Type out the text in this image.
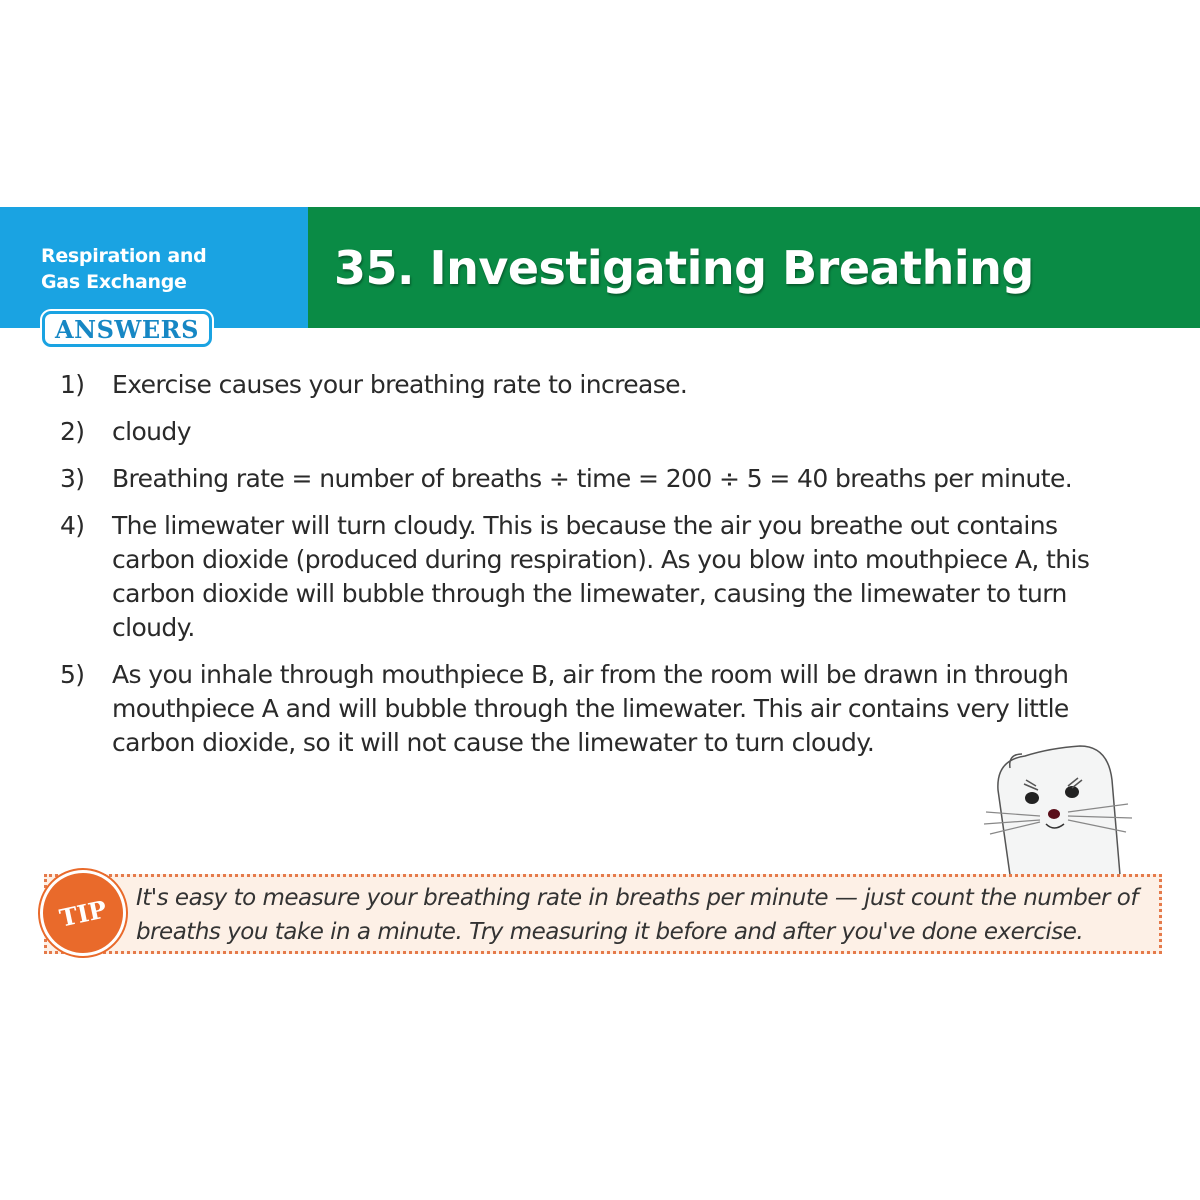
Respiration and
Gas Exchange
ANSWERS
35. Investigating Breathing
1)	Exercise causes your breathing rate to increase.
2)	cloudy
3)	Breathing rate = number of breaths ÷ time = 200 ÷ 5 = 40 breaths per minute.
4)	The limewater will turn cloudy. This is because the air you breathe out contains carbon dioxide (produced during respiration). As you blow into mouthpiece A, this carbon dioxide will bubble through the limewater, causing the limewater to turn cloudy.
5)	As you inhale through mouthpiece B, air from the room will be drawn in through mouthpiece A and will bubble through the limewater. This air contains very little carbon dioxide, so it will not cause the limewater to turn cloudy.
TIP It's easy to measure your breathing rate in breaths per minute — just count the number of breaths you take in a minute. Try measuring it before and after you've done exercise.
